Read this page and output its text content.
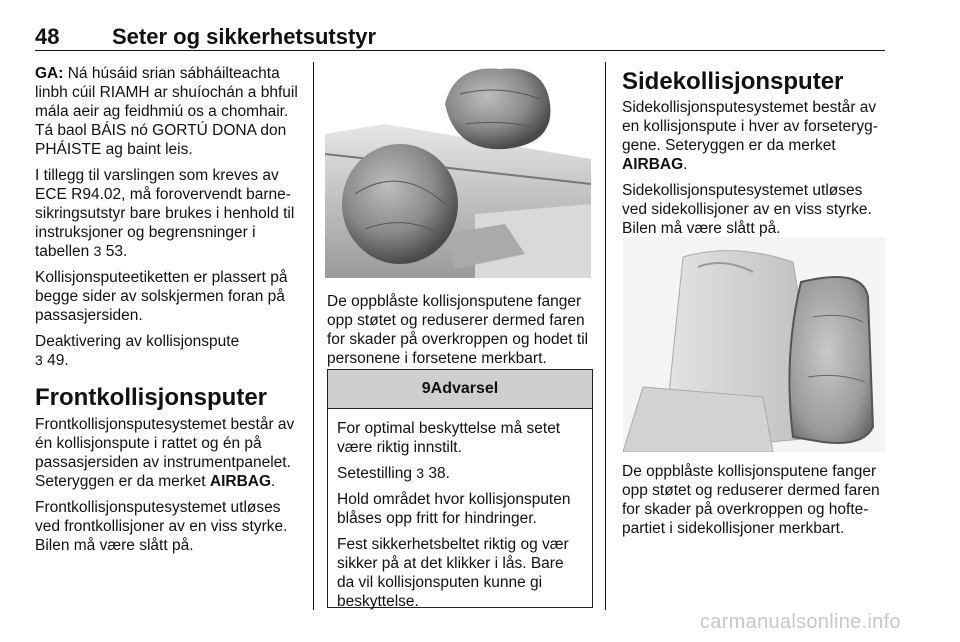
48 Seter og sikkerhetsutstyr

GA: Ná húsáid srian sábháilteachta linbh cúil RIAMH ar shuíochán a bhfuil mála aeir ag feidhmiú os a chomhair. Tá baol BÁIS nó GORTÚ DONA don PHÁISTE ag baint leis.

I tillegg til varslingen som kreves av ECE R94.02, må forovervendt barne-sikringsutstyr bare brukes i henhold til instruksjoner og begrensninger i tabellen 3 53.

Kollisjonsputeetiketten er plassert på begge sider av solskjermen foran på passasjersiden.

Deaktivering av kollisjonspute
3 49.

Frontkollisjonsputer

Frontkollisjonsputesystemet består av én kollisjonspute i rattet og én på passasjersiden av instrumentpanelet. Seteryggen er da merket AIRBAG.

Frontkollisjonsputesystemet utløses ved frontkollisjoner av en viss styrke. Bilen må være slått på.

De oppblåste kollisjonsputene fanger opp støtet og reduserer dermed faren for skader på overkroppen og hodet til personene i forsetene merkbart.

9Advarsel

For optimal beskyttelse må setet være riktig innstilt.

Setestilling 3 38.

Hold området hvor kollisjonsputen blåses opp fritt for hindringer.

Fest sikkerhetsbeltet riktig og vær sikker på at det klikker i lås. Bare da vil kollisjonsputen kunne gi beskyttelse.

Sidekollisjonsputer

Sidekollisjonsputesystemet består av en kollisjonspute i hver av forseteryg-gene. Seteryggen er da merket AIRBAG.

Sidekollisjonsputesystemet utløses ved sidekollisjoner av en viss styrke. Bilen må være slått på.

De oppblåste kollisjonsputene fanger opp støtet og reduserer dermed faren for skader på overkroppen og hofte-partiet i sidekollisjoner merkbart.

carmanualsonline.info
